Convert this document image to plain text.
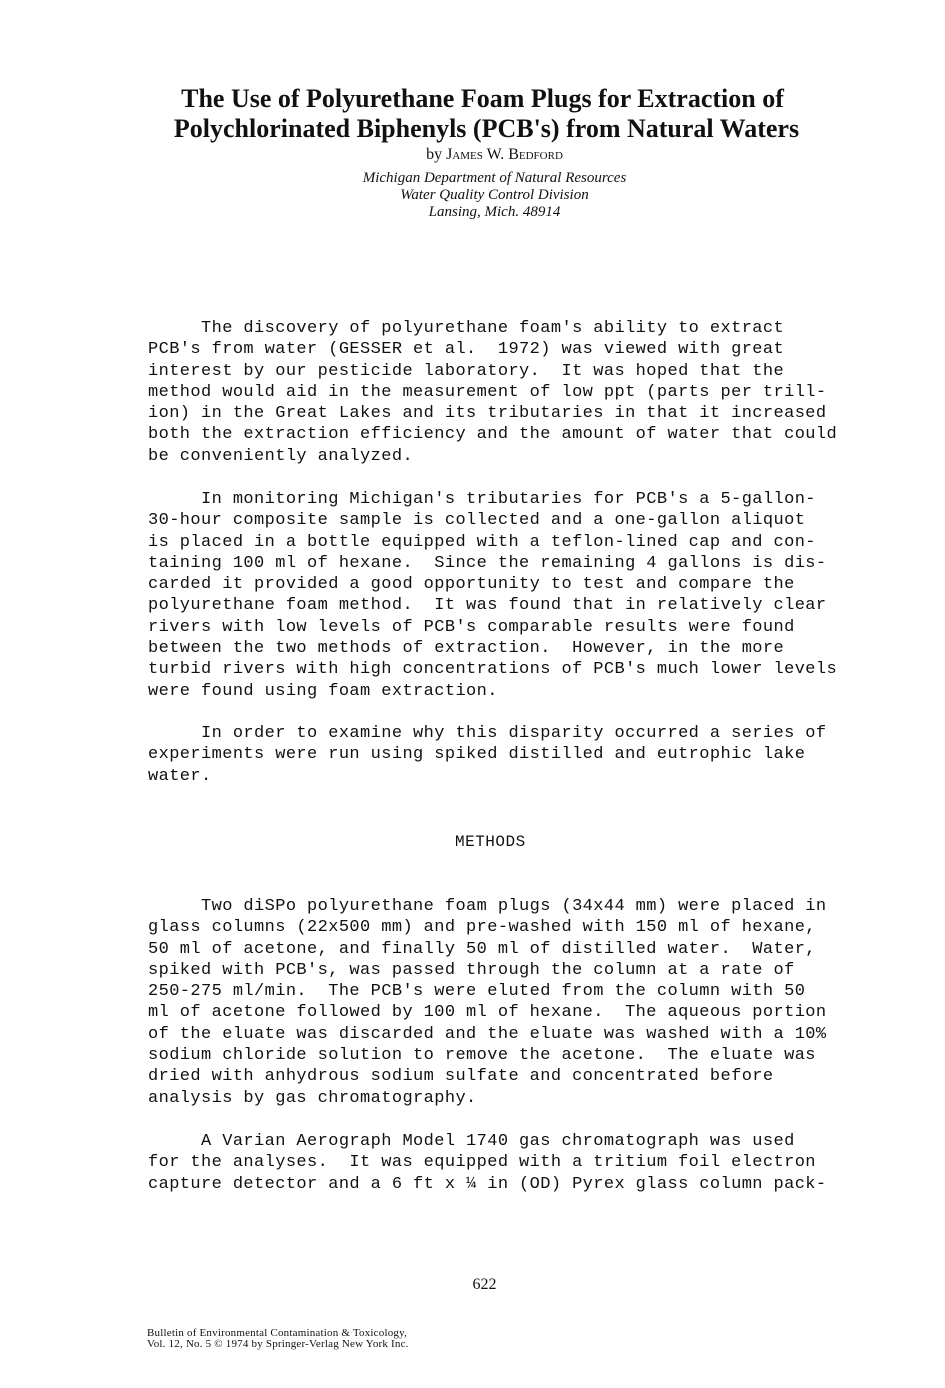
The Use of Polyurethane Foam Plugs for Extraction of
Polychlorinated Biphenyls (PCB's) from Natural Waters
by James W. Bedford
Michigan Department of Natural Resources
Water Quality Control Division
Lansing, Mich. 48914
The discovery of polyurethane foam's ability to extract
PCB's from water (GESSER et al.  1972) was viewed with great
interest by our pesticide laboratory.  It was hoped that the
method would aid in the measurement of low ppt (parts per trill-
ion) in the Great Lakes and its tributaries in that it increased
both the extraction efficiency and the amount of water that could
be conveniently analyzed.
In monitoring Michigan's tributaries for PCB's a 5-gallon-
30-hour composite sample is collected and a one-gallon aliquot
is placed in a bottle equipped with a teflon-lined cap and con-
taining 100 ml of hexane.  Since the remaining 4 gallons is dis-
carded it provided a good opportunity to test and compare the
polyurethane foam method.  It was found that in relatively clear
rivers with low levels of PCB's comparable results were found
between the two methods of extraction.  However, in the more
turbid rivers with high concentrations of PCB's much lower levels
were found using foam extraction.
In order to examine why this disparity occurred a series of
experiments were run using spiked distilled and eutrophic lake
water.
METHODS
Two diSPo polyurethane foam plugs (34x44 mm) were placed in
glass columns (22x500 mm) and pre-washed with 150 ml of hexane,
50 ml of acetone, and finally 50 ml of distilled water.  Water,
spiked with PCB's, was passed through the column at a rate of
250-275 ml/min.  The PCB's were eluted from the column with 50
ml of acetone followed by 100 ml of hexane.  The aqueous portion
of the eluate was discarded and the eluate was washed with a 10%
sodium chloride solution to remove the acetone.  The eluate was
dried with anhydrous sodium sulfate and concentrated before
analysis by gas chromatography.
A Varian Aerograph Model 1740 gas chromatograph was used
for the analyses.  It was equipped with a tritium foil electron
capture detector and a 6 ft x ¼ in (OD) Pyrex glass column pack-
622
Bulletin of Environmental Contamination & Toxicology,
Vol. 12, No. 5 © 1974 by Springer-Verlag New York Inc.
